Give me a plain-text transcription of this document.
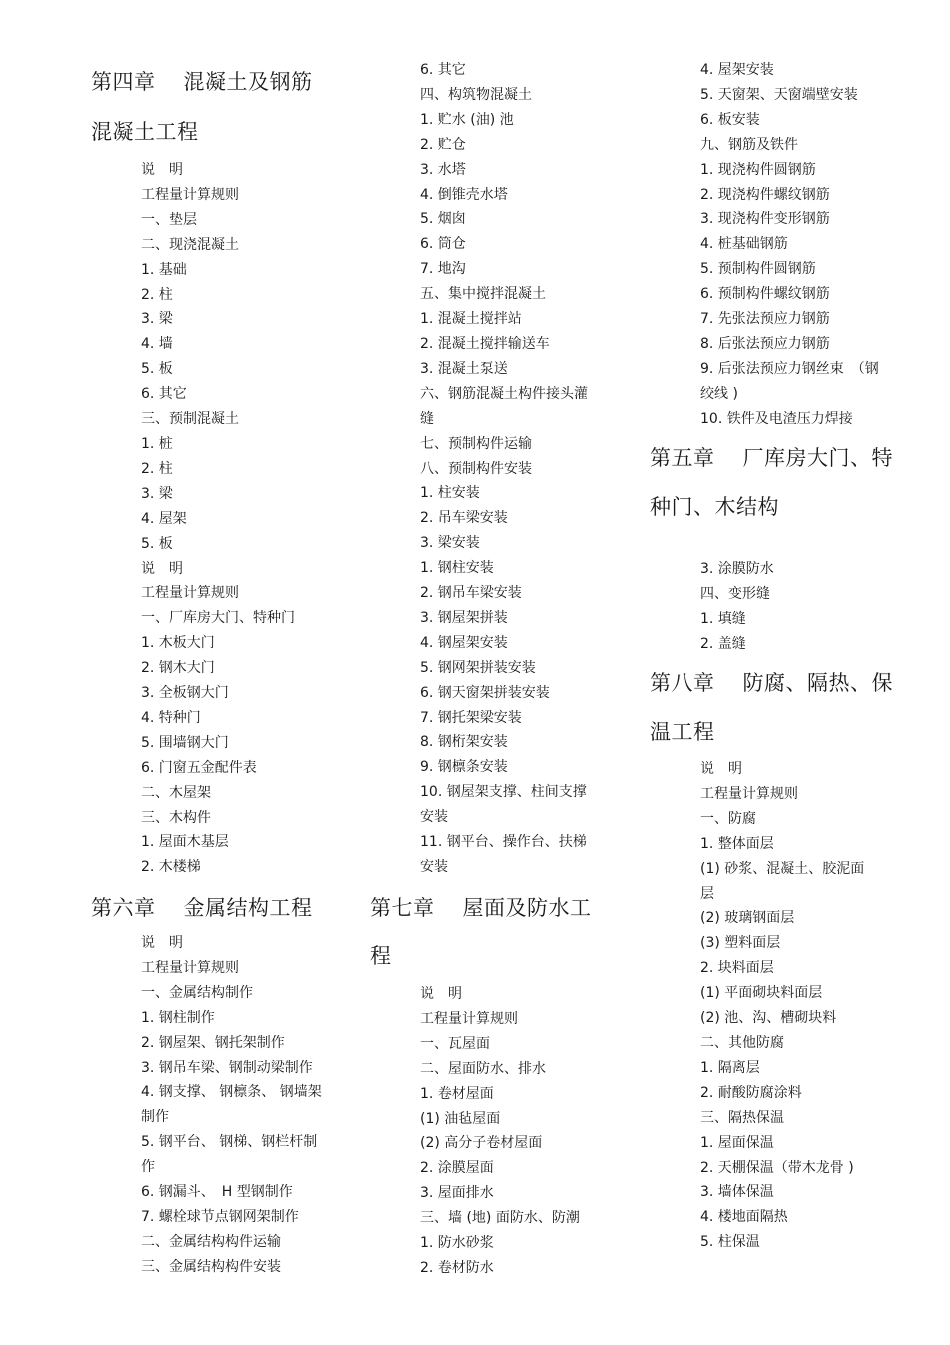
第四章 混凝土及钢筋
混凝土工程
说　明
工程量计算规则
一、垫层
二、现浇混凝土
1. 基础
2. 柱
3. 梁
4. 墙
5. 板
6. 其它
三、预制混凝土
1. 桩
2. 柱
3. 梁
4. 屋架
5. 板
说　明
工程量计算规则
一、厂库房大门、特种门
1. 木板大门
2. 钢木大门
3. 全板钢大门
4. 特种门
5. 围墙钢大门
6. 门窗五金配件表
二、木屋架
三、木构件
1. 屋面木基层
2. 木楼梯
第六章 金属结构工程
说　明
工程量计算规则
一、金属结构制作
1. 钢柱制作
2. 钢屋架、钢托架制作
3. 钢吊车梁、钢制动梁制作
4. 钢支撑、 钢檩条、 钢墙架
制作
5. 钢平台、 钢梯、钢栏杆制
作
6. 钢漏斗、　H 型钢制作
7. 螺栓球节点钢网架制作
二、金属结构构件运输
三、金属结构构件安装
6. 其它
四、构筑物混凝土
1. 贮水 (油) 池
2. 贮仓
3. 水塔
4. 倒锥壳水塔
5. 烟囱
6. 筒仓
7. 地沟
五、集中搅拌混凝土
1. 混凝土搅拌站
2. 混凝土搅拌输送车
3. 混凝土泵送
六、钢筋混凝土构件接头灌
缝
七、预制构件运输
八、预制构件安装
1. 柱安装
2. 吊车梁安装
3. 梁安装
1. 钢柱安装
2. 钢吊车梁安装
3. 钢屋架拼装
4. 钢屋架安装
5. 钢网架拼装安装
6. 钢天窗架拼装安装
7. 钢托架梁安装
8. 钢桁架安装
9. 钢檩条安装
10. 钢屋架支撑、柱间支撑
安装
11. 钢平台、操作台、扶梯
安装
第七章 屋面及防水工
程
说　明
工程量计算规则
一、瓦屋面
二、屋面防水、排水
1. 卷材屋面
(1) 油毡屋面
(2) 高分子卷材屋面
2. 涂膜屋面
3. 屋面排水
三、墙 (地) 面防水、防潮
1. 防水砂浆
2. 卷材防水
4. 屋架安装
5. 天窗架、天窗端壁安装
6. 板安装
九、钢筋及铁件
1. 现浇构件圆钢筋
2. 现浇构件螺纹钢筋
3. 现浇构件变形钢筋
4. 桩基础钢筋
5. 预制构件圆钢筋
6. 预制构件螺纹钢筋
7. 先张法预应力钢筋
8. 后张法预应力钢筋
9. 后张法预应力钢丝束　（钢
绞线 )
10. 铁件及电渣压力焊接
第五章 厂库房大门、特
种门、木结构
3. 涂膜防水
四、变形缝
1. 填缝
2. 盖缝
第八章 防腐、隔热、保
温工程
说　明
工程量计算规则
一、防腐
1. 整体面层
(1) 砂浆、混凝土、胶泥面
层
(2) 玻璃钢面层
(3) 塑料面层
2. 块料面层
(1) 平面砌块料面层
(2) 池、沟、槽砌块料
二、其他防腐
1. 隔离层
2. 耐酸防腐涂料
三、隔热保温
1. 屋面保温
2. 天棚保温（带木龙骨 )
3. 墙体保温
4. 楼地面隔热
5. 柱保温
